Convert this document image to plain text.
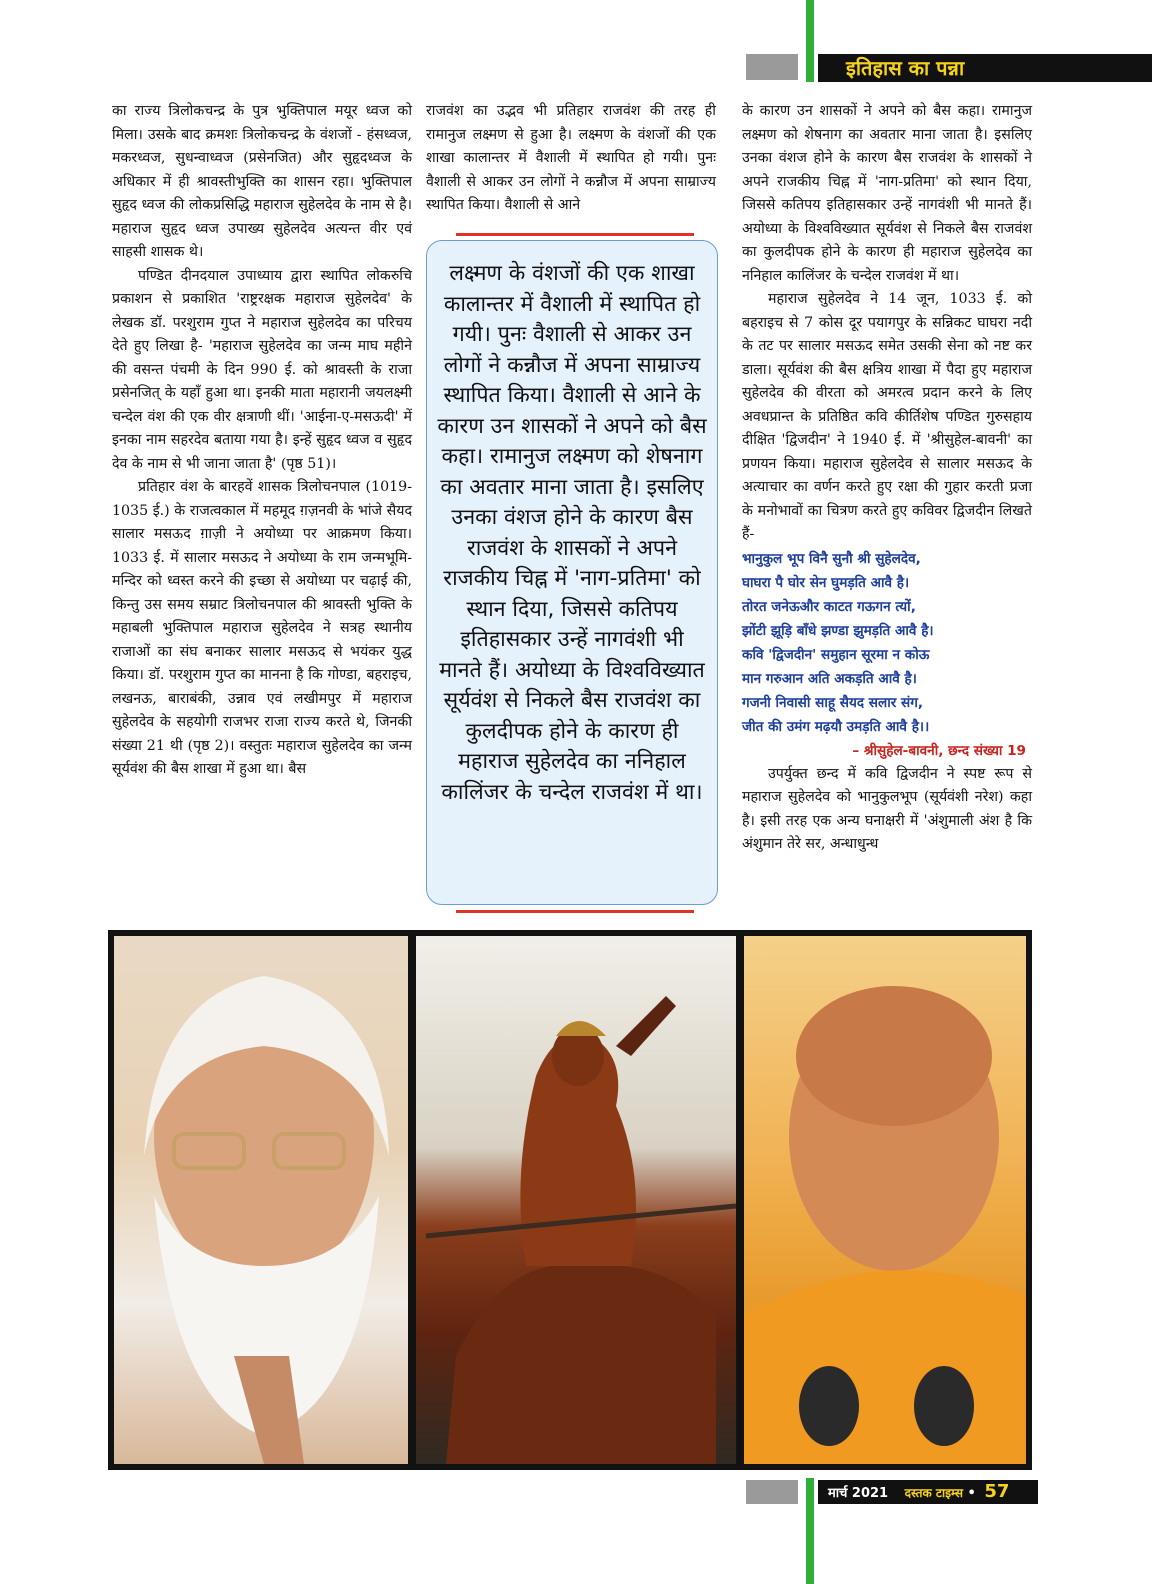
इतिहास का पन्ना

का राज्य त्रिलोकचन्द्र के पुत्र भुक्तिपाल मयूर ध्वज को मिला। उसके बाद क्रमशः त्रिलोकचन्द्र के वंशजों - हंसध्वज, मकरध्वज, सुधन्वाध्वज (प्रसेनजित) और सुहृदध्वज के अधिकार में ही श्रावस्तीभुक्ति का शासन रहा। भुक्तिपाल सुहृद ध्वज की लोकप्रसिद्धि महाराज सुहेलदेव के नाम से है। महाराज सुहृद ध्वज उपाख्य सुहेलदेव अत्यन्त वीर एवं साहसी शासक थे।

पण्डित दीनदयाल उपाध्याय द्वारा स्थापित लोकरुचि प्रकाशन से प्रकाशित 'राष्ट्ररक्षक महाराज सुहेलदेव' के लेखक डॉ. परशुराम गुप्त ने महाराज सुहेलदेव का परिचय देते हुए लिखा है- 'महाराज सुहेलदेव का जन्म माघ महीने की वसन्त पंचमी के दिन 990 ई. को श्रावस्ती के राजा प्रसेनजित् के यहाँ हुआ था। इनकी माता महारानी जयलक्ष्मी चन्देल वंश की एक वीर क्षत्राणी थीं। 'आईना-ए-मसऊदी' में इनका नाम सहरदेव बताया गया है। इन्हें सुहृद ध्वज व सुहृद देव के नाम से भी जाना जाता है' (पृष्ठ 51)।

प्रतिहार वंश के बारहवें शासक त्रिलोचनपाल (1019-1035 ई.) के राजत्वकाल में महमूद ग़ज़नवी के भांजे सैयद सालार मसऊद ग़ाज़ी ने अयोध्या पर आक्रमण किया। 1033 ई. में सालार मसऊद ने अयोध्या के राम जन्मभूमि-मन्दिर को ध्वस्त करने की इच्छा से अयोध्या पर चढ़ाई की, किन्तु उस समय सम्राट त्रिलोचनपाल की श्रावस्ती भुक्ति के महाबली भुक्तिपाल महाराज सुहेलदेव ने सत्रह स्थानीय राजाओं का संघ बनाकर सालार मसऊद से भयंकर युद्ध किया। डॉ. परशुराम गुप्त का मानना है कि गोण्डा, बहराइच, लखनऊ, बाराबंकी, उन्नाव एवं लखीमपुर में महाराज सुहेलदेव के सहयोगी राजभर राजा राज्य करते थे, जिनकी संख्या 21 थी (पृष्ठ 2)। वस्तुतः महाराज सुहेलदेव का जन्म सूर्यवंश की बैस शाखा में हुआ था। बैस

राजवंश का उद्भव भी प्रतिहार राजवंश की तरह ही रामानुज लक्ष्मण से हुआ है। लक्ष्मण के वंशजों की एक शाखा कालान्तर में वैशाली में स्थापित हो गयी। पुनः वैशाली से आकर उन लोगों ने कन्नौज में अपना साम्राज्य स्थापित किया। वैशाली से आने

लक्ष्मण के वंशजों की एक शाखा कालान्तर में वैशाली में स्थापित हो गयी। पुनः वैशाली से आकर उन लोगों ने कन्नौज में अपना साम्राज्य स्थापित किया। वैशाली से आने के कारण उन शासकों ने अपने को बैस कहा। रामानुज लक्ष्मण को शेषनाग का अवतार माना जाता है। इसलिए उनका वंशज होने के कारण बैस राजवंश के शासकों ने अपने राजकीय चिह्न में 'नाग-प्रतिमा' को स्थान दिया, जिससे कतिपय इतिहासकार उन्हें नागवंशी भी मानते हैं। अयोध्या के विश्वविख्यात सूर्यवंश से निकले बैस राजवंश का कुलदीपक होने के कारण ही महाराज सुहेलदेव का ननिहाल कालिंजर के चन्देल राजवंश में था।

के कारण उन शासकों ने अपने को बैस कहा। रामानुज लक्ष्मण को शेषनाग का अवतार माना जाता है। इसलिए उनका वंशज होने के कारण बैस राजवंश के शासकों ने अपने राजकीय चिह्न में 'नाग-प्रतिमा' को स्थान दिया, जिससे कतिपय इतिहासकार उन्हें नागवंशी भी मानते हैं। अयोध्या के विश्वविख्यात सूर्यवंश से निकले बैस राजवंश का कुलदीपक होने के कारण ही महाराज सुहेलदेव का ननिहाल कालिंजर के चन्देल राजवंश में था।

महाराज सुहेलदेव ने 14 जून, 1033 ई. को बहराइच से 7 कोस दूर पयागपुर के सन्निकट घाघरा नदी के तट पर सालार मसऊद समेत उसकी सेना को नष्ट कर डाला। सूर्यवंश की बैस क्षत्रिय शाखा में पैदा हुए महाराज सुहेलदेव की वीरता को अमरत्व प्रदान करने के लिए अवधप्रान्त के प्रतिष्ठित कवि कीर्तिशेष पण्डित गुरुसहाय दीक्षित 'द्विजदीन' ने 1940 ई. में 'श्रीसुहेल-बावनी' का प्रणयन किया। महाराज सुहेलदेव से सालार मसऊद के अत्याचार का वर्णन करते हुए रक्षा की गुहार करती प्रजा के मनोभावों का चित्रण करते हुए कविवर द्विजदीन लिखते हैं-

भानुकुल भूप विनै सुनौ श्री सुहेलदेव,
घाघरा पै घोर सेन घुमड़ति आवै है।
तोरत जनेऊऔर काटत गऊगन त्यों,
झोंटी झूड़ि बाँधे झण्डा झुमड़ति आवै है।
कवि 'द्विजदीन' समुहान सूरमा न कोऊ
मान गरुआन अति अकड़ति आवै है।
गजनी निवासी साहू सैयद सलार संग,
जीत की उमंग मढ़यौ उमड़ति आवै है।।
– श्रीसुहेल-बावनी, छन्द संख्या 19

उपर्युक्त छन्द में कवि द्विजदीन ने स्पष्ट रूप से महाराज सुहेलदेव को भानुकुलभूप (सूर्यवंशी नरेश) कहा है। इसी तरह एक अन्य घनाक्षरी में 'अंशुमाली अंश है कि अंशुमान तेरे सर, अन्धाधुन्ध

मार्च 2021 दस्तक टाइम्स • 57
